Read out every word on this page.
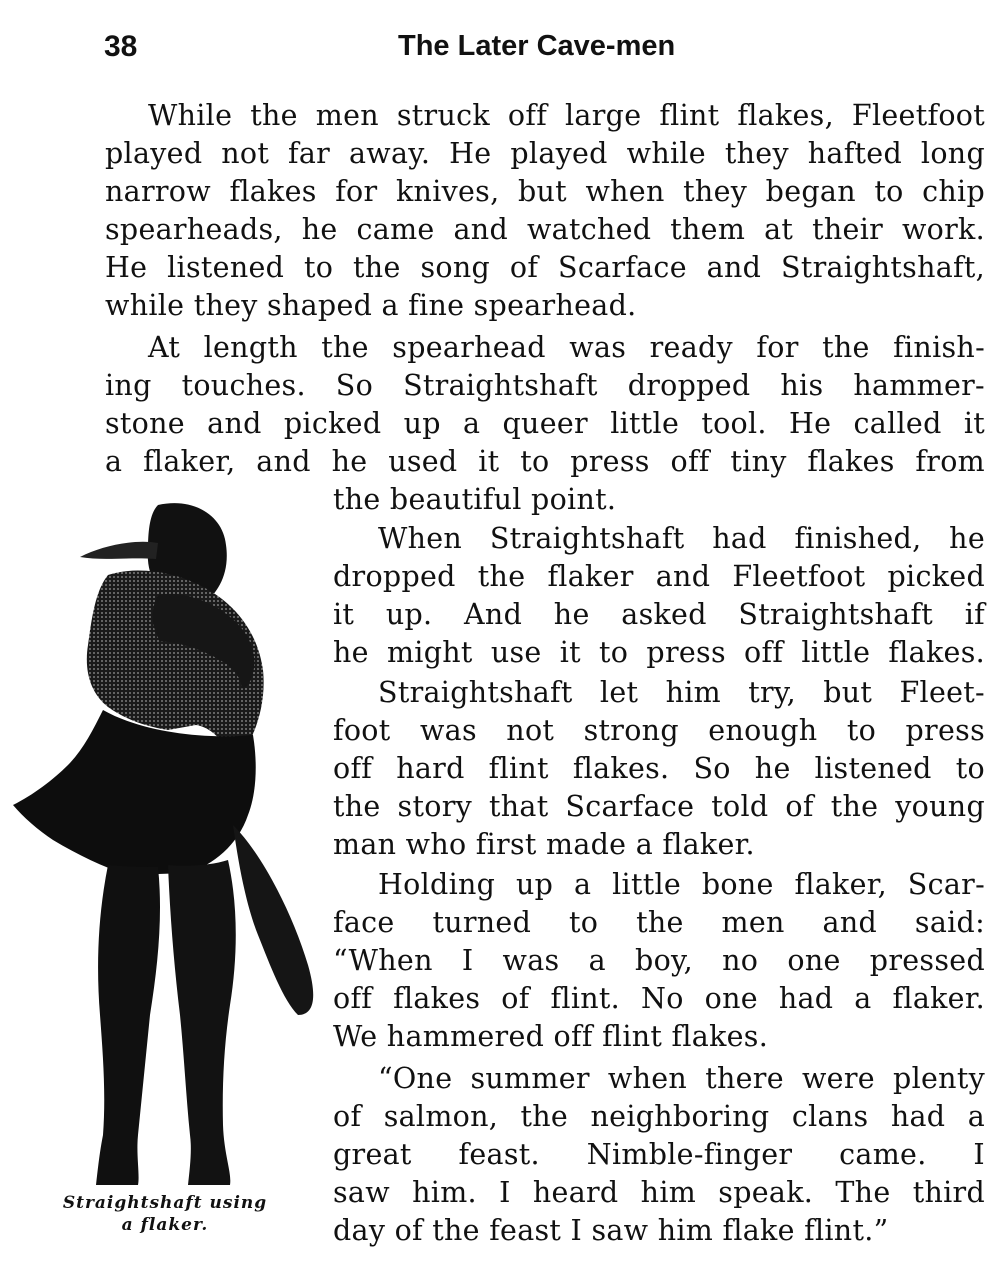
38	The Later Cave-men

While the men struck off large flint flakes, Fleetfoot

played not far away. He played while they hafted long

narrow flakes for knives, but when they began to chip

spearheads, he came and watched them at their work.

He listened to the song of Scarface and Straightshaft,

while they shaped a fine spearhead.

At length the spearhead was ready for the finish-

ing touches. So Straightshaft dropped his hammer-

stone and picked up a queer little tool. He called it

a flaker, and he used it to press off tiny flakes from

the beautiful point.

When Straightshaft had finished, he

dropped the flaker and Fleetfoot picked

it up. And he asked Straightshaft if

he might use it to press off little flakes.

Straightshaft let him try, but Fleet-

foot was not strong enough to press

off hard flint flakes. So he listened to

the story that Scarface told of the young

man who first made a flaker.

Holding up a little bone flaker, Scar-

face turned to the men and said:

“When I was a boy, no one pressed

off flakes of flint. No one had a flaker.

We hammered off flint flakes.

“One summer when there were plenty

of salmon, the neighboring clans had a

great feast. Nimble-finger came. I

saw him. I heard him speak. The third

day of the feast I saw him flake flint.”

Straightshaft using
a flaker.
